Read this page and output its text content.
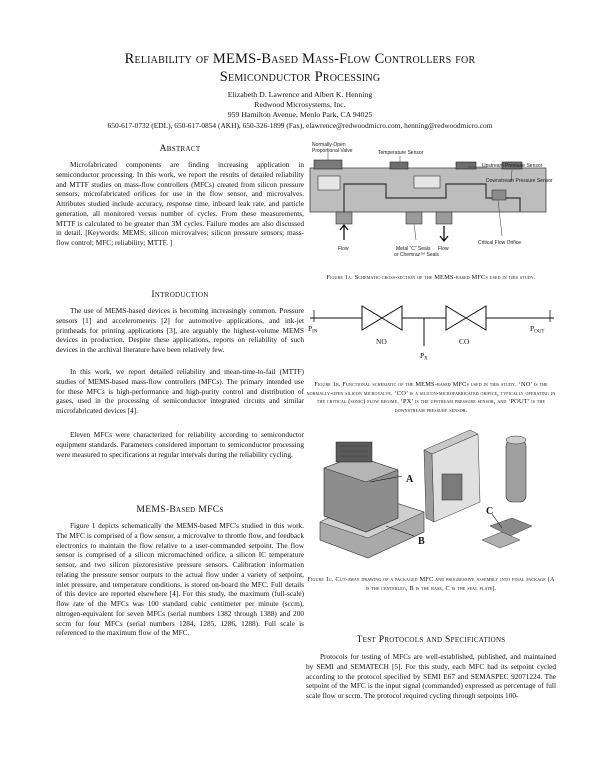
Reliability of MEMS-Based Mass-Flow Controllers for
Semiconductor Processing
Elizabeth D. Lawrence and Albert K. Henning
Redwood Microsystems, Inc.
959 Hamilton Avenue, Menlo Park, CA 94025
650-617-0732 (EDL), 650-617-0854 (AKH), 650-326-1899 (Fax), elawrence@redwoodmicro.com, henning@redwoodmicro.com
Abstract

Microfabricated components are finding increasing application in semiconductor processing. In this work, we report the results of detailed reliability and MTTF studies on mass-flow controllers (MFCs) created from silicon pressure sensors, microfabricated orifices for use in the flow sensor, and microvalves. Attributes studied include accuracy, response time, inboard leak rate, and particle generation, all monitored versus number of cycles. From these measurements, MTTF is calculated to be greater than 3M cycles. Failure modes are also discussed in detail. [Keywords: MEMS; silicon microvalves; silicon pressure sensors; mass-flow control; MFC; reliability; MTTF. ]

Introduction

The use of MEMS-based devices is becoming increasingly common. Pressure sensors [1] and accelerometers [2] for automotive applications, and ink-jet printheads for printing applications [3], are arguably the highest-volume MEMS devices in production. Despite these applications, reports on reliability of such devices in the archival literature have been relatively few.

In this work, we report detailed reliability and mean-time-to-fail (MTTF) studies of MEMS-based mass-flow controllers (MFCs). The primary intended use for these MFCs is high-performance and high-purity control and distribution of gases, used in the processing of semiconductor integrated circuits and similar microfabricated devices [4].

Eleven MFCs were characterized for reliability according to semiconductor equipment standards. Parameters considered important to semiconductor processing were measured to specifications at regular intervals during the reliability cycling.

MEMS-Based MFCs

Figure 1 depicts schematically the MEMS-based MFC's studied in this work. The MFC is comprised of a flow sensor, a microvalve to throttle flow, and feedback electronics to maintain the flow relative to a user-commanded setpoint. The flow sensor is comprised of a silicon micromachined orifice, a silicon IC temperature sensor, and two silicon piezoresistive pressure sensors. Calibration information relating the pressure sensor outputs to the actual flow under a variety of setpoint, inlet pressure, and temperature conditions, is stored on-board the MFC. Full details of this device are reported elsewhere [4]. For this study, the maximum (full-scale) flow rate of the MFCs was 100 standard cubic centimeter per minute (sccm), nitrogen-equivalent for seven MFCs (serial numbers 1382 through 1388) and 200 sccm for four MFCs (serial numbers 1284, 1285, 1286, 1288). Full scale is referenced to the maximum flow of the MFC.

Normally-Open
Proportional Valve	Temperature Sensor
Upstream Pressure Sensor
Downstream Pressure Sensor
Critical Flow Orifice
Flow	Flow
Metal “C” Seals
or Chemraz™ Seals
Figure 1a. Schematic cross-section of the MEMS-based MFCs used in this study.
$P_{IN}$
NO	CO
$P_X$
$P_{OUT}$
Figure 1b. Functional schematic of the MEMS-based MFCs used in this study. ‘NO’ is the normally-open silicon microvalve. ‘CO’ is a silicon-microfabricated orifice, typically operating in the critical (sonic) flow regime. ‘PX’ is the upstream pressure sensor, and ‘POUT’ is the downstream pressure sensor.
A
B
C
Figure 1c. Cut-away drawing of a packaged MFC and progressive assembly into final package (A is the centerleg, B is the base, C is the seal plate).
Test Protocols and Specifications

Protocols for testing of MFCs are well-established, published, and maintained by SEMI and SEMATECH [5]. For this study, each MFC had its setpoint cycled according to the protocol specified by SEMI E67 and SEMASPEC 92071224. The setpoint of the MFC is the input signal (commanded) expressed as percentage of full scale flow or sccm. The protocol required cycling through setpoints 100-
